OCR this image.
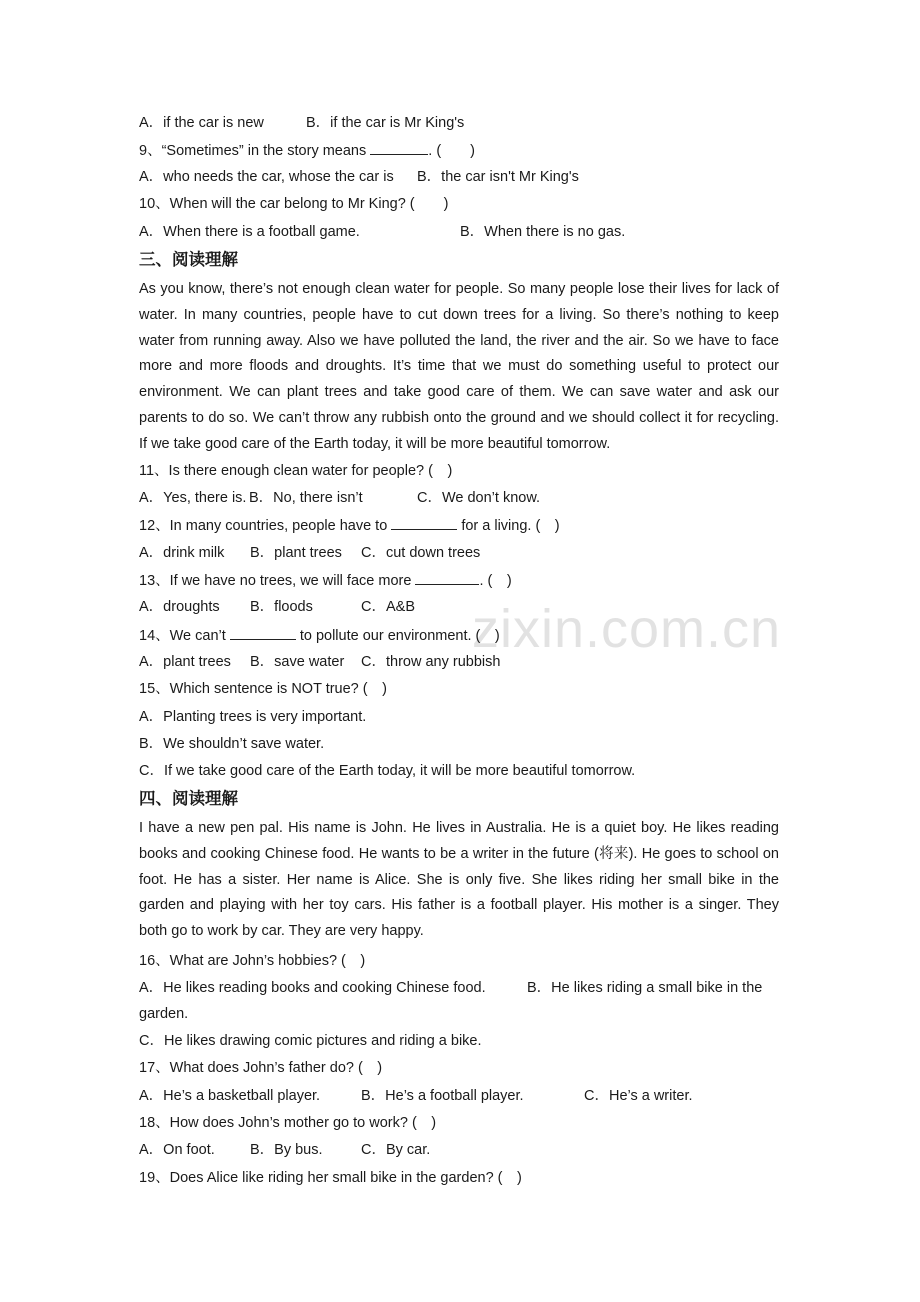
zixin.com.cn
A．if the car is new	B．if the car is Mr King's
9、“Sometimes” in the story means	. (　　)
A．who needs the car, whose the car is B．the car isn't Mr King's
10、When will the car belong to Mr King? (　　)
A．When there is a football game.	B．When there is no gas.
三、阅读理解
As you know, there’s not enough clean water for people. So many people lose their lives for lack of water. In many countries, people have to cut down trees for a living. So there’s nothing to keep water from running away. Also we have polluted the land, the river and the air. So we have to face more and more floods and droughts. It’s time that we must do something useful to protect our environment. We can plant trees and take good care of them. We can save water and ask our parents to do so. We can’t throw any rubbish onto the ground and we should collect it for recycling. If we take good care of the Earth today, it will be more beautiful tomorrow.
11、Is there enough clean water for people? (　)
A．Yes, there is. B．No, there isn’t	C．We don’t know.
12、In many countries, people have to	for a living. (　)
A．drink milk B．plant trees C．cut down trees
13、If we have no trees, we will face more	. (　)
A．droughts B．floods	C．A&B
14、We can’t	to pollute our environment. (　)
A．plant trees B．save water C．throw any rubbish
15、Which sentence is NOT true? (　)
A．Planting trees is very important.
B．We shouldn’t save water.
C．If we take good care of the Earth today, it will be more beautiful tomorrow.
四、阅读理解
I have a new pen pal. His name is John. He lives in Australia. He is a quiet boy. He likes reading books and cooking Chinese food. He wants to be a writer in the future (将来). He goes to school on foot. He has a sister. Her name is Alice. She is only five. She likes riding her small bike in the garden and playing with her toy cars. His father is a football player. His mother is a singer. They both go to work by car. They are very happy.
16、What are John’s hobbies? (　)
A．He likes reading books and cooking Chinese food.	B．He likes riding a small bike in the
garden.
C．He likes drawing comic pictures and riding a bike.
17、What does John’s father do? (　)
A．He’s a basketball player.	B．He’s a football player.	C．He’s a writer.
18、How does John’s mother go to work? (　)
A．On foot. B．By bus.	C．By car.
19、Does Alice like riding her small bike in the garden? (　)
